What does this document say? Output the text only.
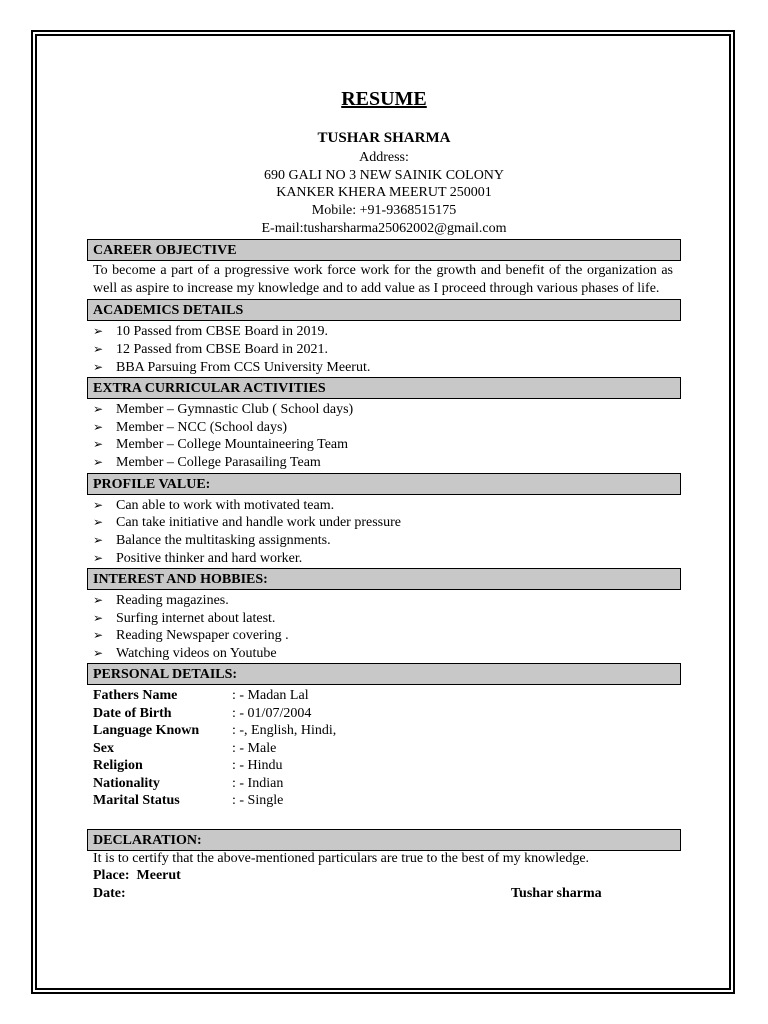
RESUME
TUSHAR SHARMA
Address:
690 GALI NO 3 NEW SAINIK COLONY
KANKER KHERA MEERUT 250001
Mobile: +91-9368515175
E-mail:tusharsharma25062002@gmail.com
CAREER OBJECTIVE
To become a part of a progressive work force work for the growth and benefit of the organization as well as aspire to increase my knowledge and to add value as I proceed through various phases of life.
ACADEMICS DETAILS
➢ 10 Passed from CBSE Board in 2019.
➢ 12 Passed from CBSE Board in 2021.
➢ BBA Parsuing From CCS University Meerut.
EXTRA CURRICULAR ACTIVITIES
➢ Member – Gymnastic Club ( School days)
➢ Member – NCC (School days)
➢ Member – College Mountaineering Team
➢ Member – College Parasailing Team
PROFILE VALUE:
➢ Can able to work with motivated team.
➢ Can take initiative and handle work under pressure
➢ Balance the multitasking assignments.
➢ Positive thinker and hard worker.
INTEREST AND HOBBIES:
➢ Reading magazines.
➢ Surfing internet about latest.
➢ Reading Newspaper covering .
➢ Watching videos on Youtube
PERSONAL DETAILS:
Fathers Name	: - Madan Lal
Date of Birth	: - 01/07/2004
Language Known : -, English, Hindi,
Sex	: - Male
Religion	: - Hindu
Nationality	: - Indian
Marital Status	: - Single
DECLARATION:
It is to certify that the above-mentioned particulars are true to the best of my knowledge.
Place: Meerut
Date:	Tushar sharma
